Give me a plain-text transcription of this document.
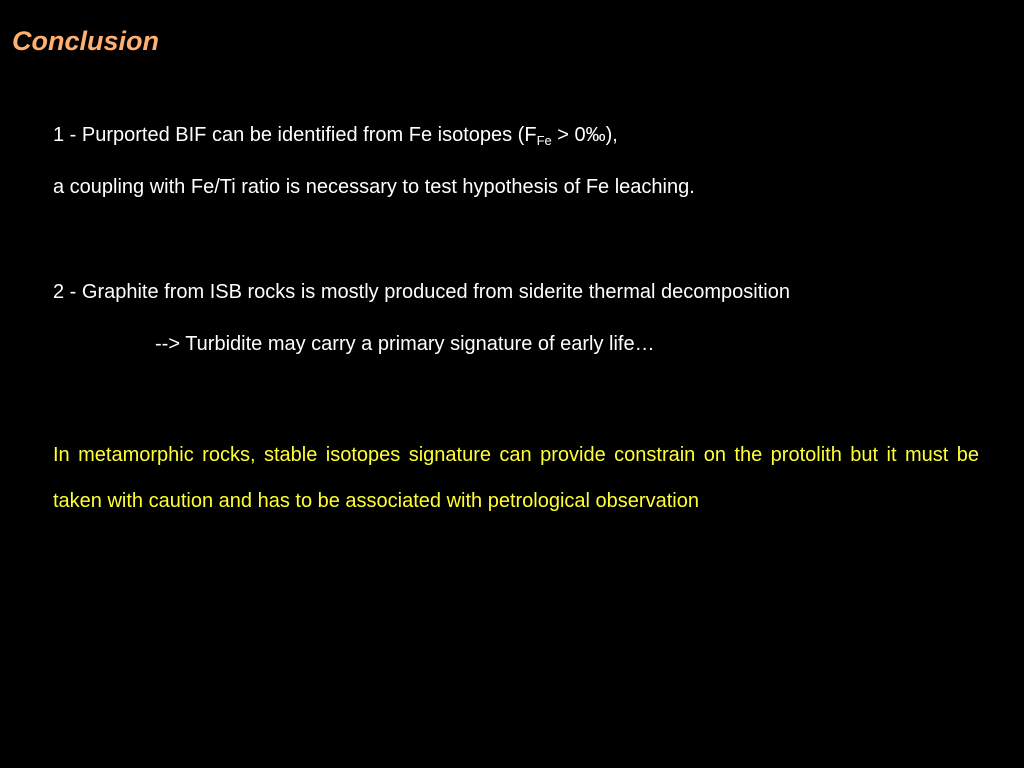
Conclusion
1 - Purported BIF can be identified from Fe isotopes ($F_{Fe}$ > 0‰),
a coupling with Fe/Ti ratio is necessary to test hypothesis of Fe leaching.
2 - Graphite from ISB rocks is mostly produced from siderite thermal decomposition
--> Turbidite may carry a primary signature of early life…
In metamorphic rocks, stable isotopes signature can provide constrain on the protolith but it must be taken with caution and has to be associated with petrological observation
